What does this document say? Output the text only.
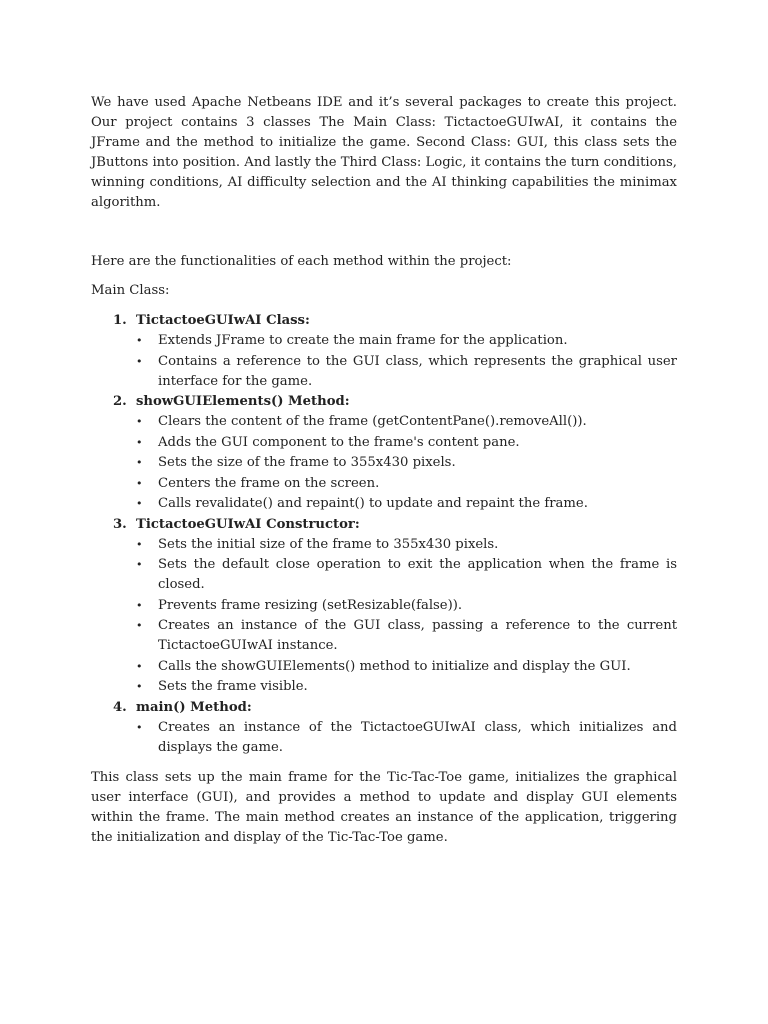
We have used Apache Netbeans IDE and it’s several packages to create this project. Our project contains 3 classes The Main Class: TictactoeGUIwAI, it contains the JFrame and the method to initialize the game. Second Class: GUI, this class sets the JButtons into position. And lastly the Third Class: Logic, it contains the turn conditions, winning conditions, AI difficulty selection and the AI thinking capabilities the minimax algorithm.

Here are the functionalities of each method within the project:

Main Class:

1. TictactoeGUIwAI Class:
• Extends JFrame to create the main frame for the application.
• Contains a reference to the GUI class, which represents the graphical user interface for the game.
2. showGUIElements() Method:
• Clears the content of the frame (getContentPane().removeAll()).
• Adds the GUI component to the frame's content pane.
• Sets the size of the frame to 355x430 pixels.
• Centers the frame on the screen.
• Calls revalidate() and repaint() to update and repaint the frame.
3. TictactoeGUIwAI Constructor:
• Sets the initial size of the frame to 355x430 pixels.
• Sets the default close operation to exit the application when the frame is closed.
• Prevents frame resizing (setResizable(false)).
• Creates an instance of the GUI class, passing a reference to the current TictactoeGUIwAI instance.
• Calls the showGUIElements() method to initialize and display the GUI.
• Sets the frame visible.
4. main() Method:
• Creates an instance of the TictactoeGUIwAI class, which initializes and displays the game.

This class sets up the main frame for the Tic-Tac-Toe game, initializes the graphical user interface (GUI), and provides a method to update and display GUI elements within the frame. The main method creates an instance of the application, triggering the initialization and display of the Tic-Tac-Toe game.
